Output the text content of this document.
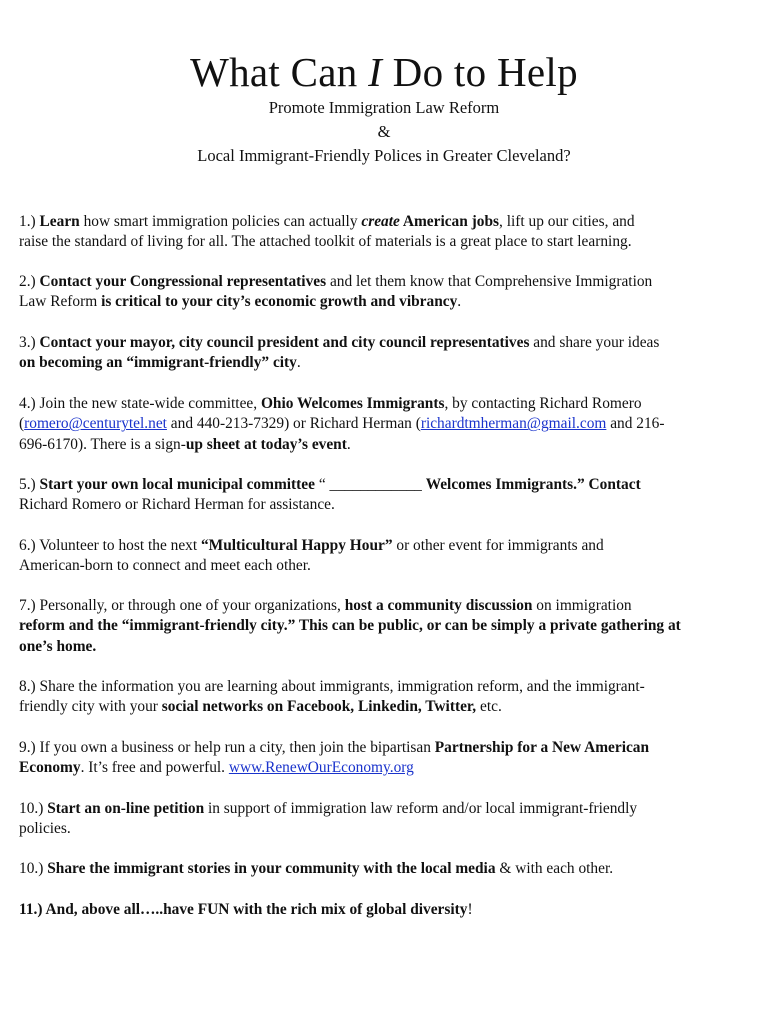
What Can I Do to Help
Promote Immigration Law Reform
&
Local Immigrant-Friendly Polices in Greater Cleveland?
1.) Learn how smart immigration policies can actually create American jobs, lift up our cities, and
raise the standard of living for all. The attached toolkit of materials is a great place to start learning.
2.) Contact your Congressional representatives and let them know that Comprehensive Immigration
Law Reform is critical to your city’s economic growth and vibrancy.
3.) Contact your mayor, city council president and city council representatives and share your ideas
on becoming an “immigrant-friendly” city.
4.) Join the new state-wide committee, Ohio Welcomes Immigrants, by contacting Richard Romero
(romero@centurytel.net and 440-213-7329) or Richard Herman (richardtmherman@gmail.com and 216-
696-6170). There is a sign-up sheet at today’s event.
5.) Start your own local municipal committee “ ____________ Welcomes Immigrants.” Contact
Richard Romero or Richard Herman for assistance.
6.) Volunteer to host the next “Multicultural Happy Hour” or other event for immigrants and
American-born to connect and meet each other.
7.) Personally, or through one of your organizations, host a community discussion on immigration
reform and the “immigrant-friendly city.” This can be public, or can be simply a private gathering at
one’s home.
8.) Share the information you are learning about immigrants, immigration reform, and the immigrant-
friendly city with your social networks on Facebook, Linkedin, Twitter, etc.
9.) If you own a business or help run a city, then join the bipartisan Partnership for a New American
Economy. It’s free and powerful. www.RenewOurEconomy.org
10.) Start an on-line petition in support of immigration law reform and/or local immigrant-friendly
policies.
10.) Share the immigrant stories in your community with the local media & with each other.
11.) And, above all…..have FUN with the rich mix of global diversity!
